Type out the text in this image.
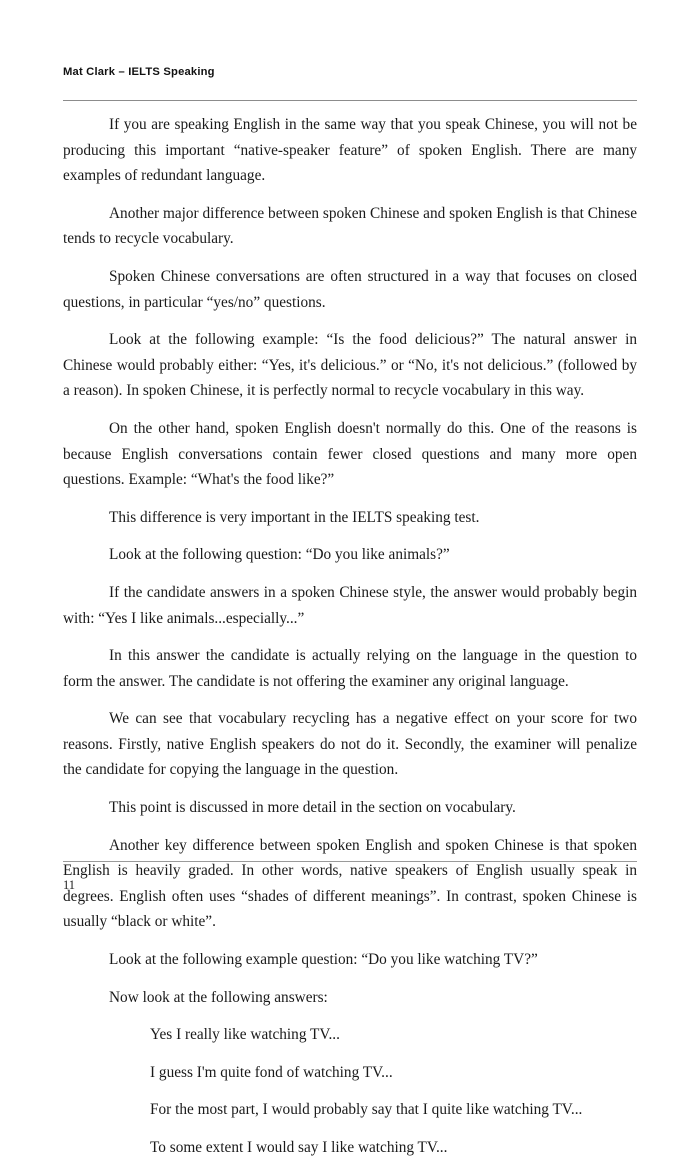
Mat Clark – IELTS Speaking

If you are speaking English in the same way that you speak Chinese, you will not be producing this important “native-speaker feature” of spoken English. There are many examples of redundant language.

Another major difference between spoken Chinese and spoken English is that Chinese tends to recycle vocabulary.

Spoken Chinese conversations are often structured in a way that focuses on closed questions, in particular “yes/no” questions.

Look at the following example: “Is the food delicious?” The natural answer in Chinese would probably either: “Yes, it's delicious.” or “No, it's not delicious.” (followed by a reason). In spoken Chinese, it is perfectly normal to recycle vocabulary in this way.

On the other hand, spoken English doesn't normally do this. One of the reasons is because English conversations contain fewer closed questions and many more open questions. Example: “What's the food like?”

This difference is very important in the IELTS speaking test.

Look at the following question: “Do you like animals?”

If the candidate answers in a spoken Chinese style, the answer would probably begin with: “Yes I like animals...especially...”

In this answer the candidate is actually relying on the language in the question to form the answer. The candidate is not offering the examiner any original language.

We can see that vocabulary recycling has a negative effect on your score for two reasons. Firstly, native English speakers do not do it. Secondly, the examiner will penalize the candidate for copying the language in the question.

This point is discussed in more detail in the section on vocabulary.

Another key difference between spoken English and spoken Chinese is that spoken English is heavily graded. In other words, native speakers of English usually speak in degrees. English often uses “shades of different meanings”. In contrast, spoken Chinese is usually “black or white”.

Look at the following example question: “Do you like watching TV?”

Now look at the following answers:

Yes I really like watching TV...

I guess I'm quite fond of watching TV...

For the most part, I would probably say that I quite like watching TV...

To some extent I would say I like watching TV...

11
